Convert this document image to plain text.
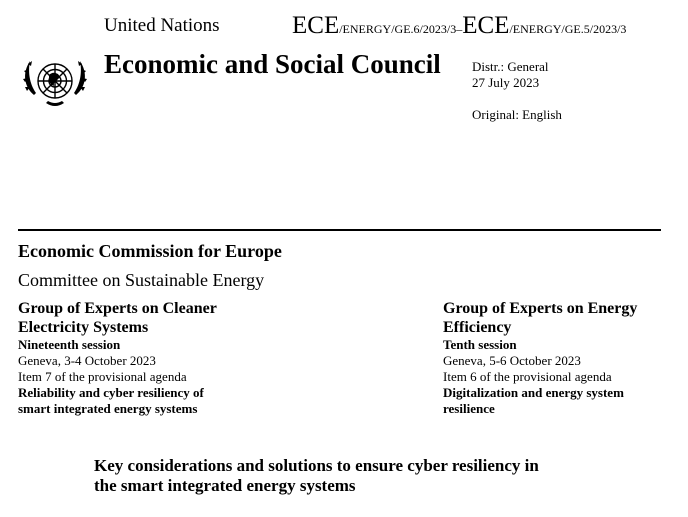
United Nations	ECE/ENERGY/GE.6/2023/3–ECE/ENERGY/GE.5/2023/3
Economic and Social Council Distr.: General
27 July 2023
Original: English
Economic Commission for Europe
Committee on Sustainable Energy
Group of Experts on Cleaner
Electricity Systems
Nineteenth session
Geneva, 3-4 October 2023
Item 7 of the provisional agenda
Reliability and cyber resiliency of
smart integrated energy systems
Group of Experts on Energy
Efficiency
Tenth session
Geneva, 5-6 October 2023
Item 6 of the provisional agenda
Digitalization and energy system
resilience
Key considerations and solutions to ensure cyber resiliency in
the smart integrated energy systems
